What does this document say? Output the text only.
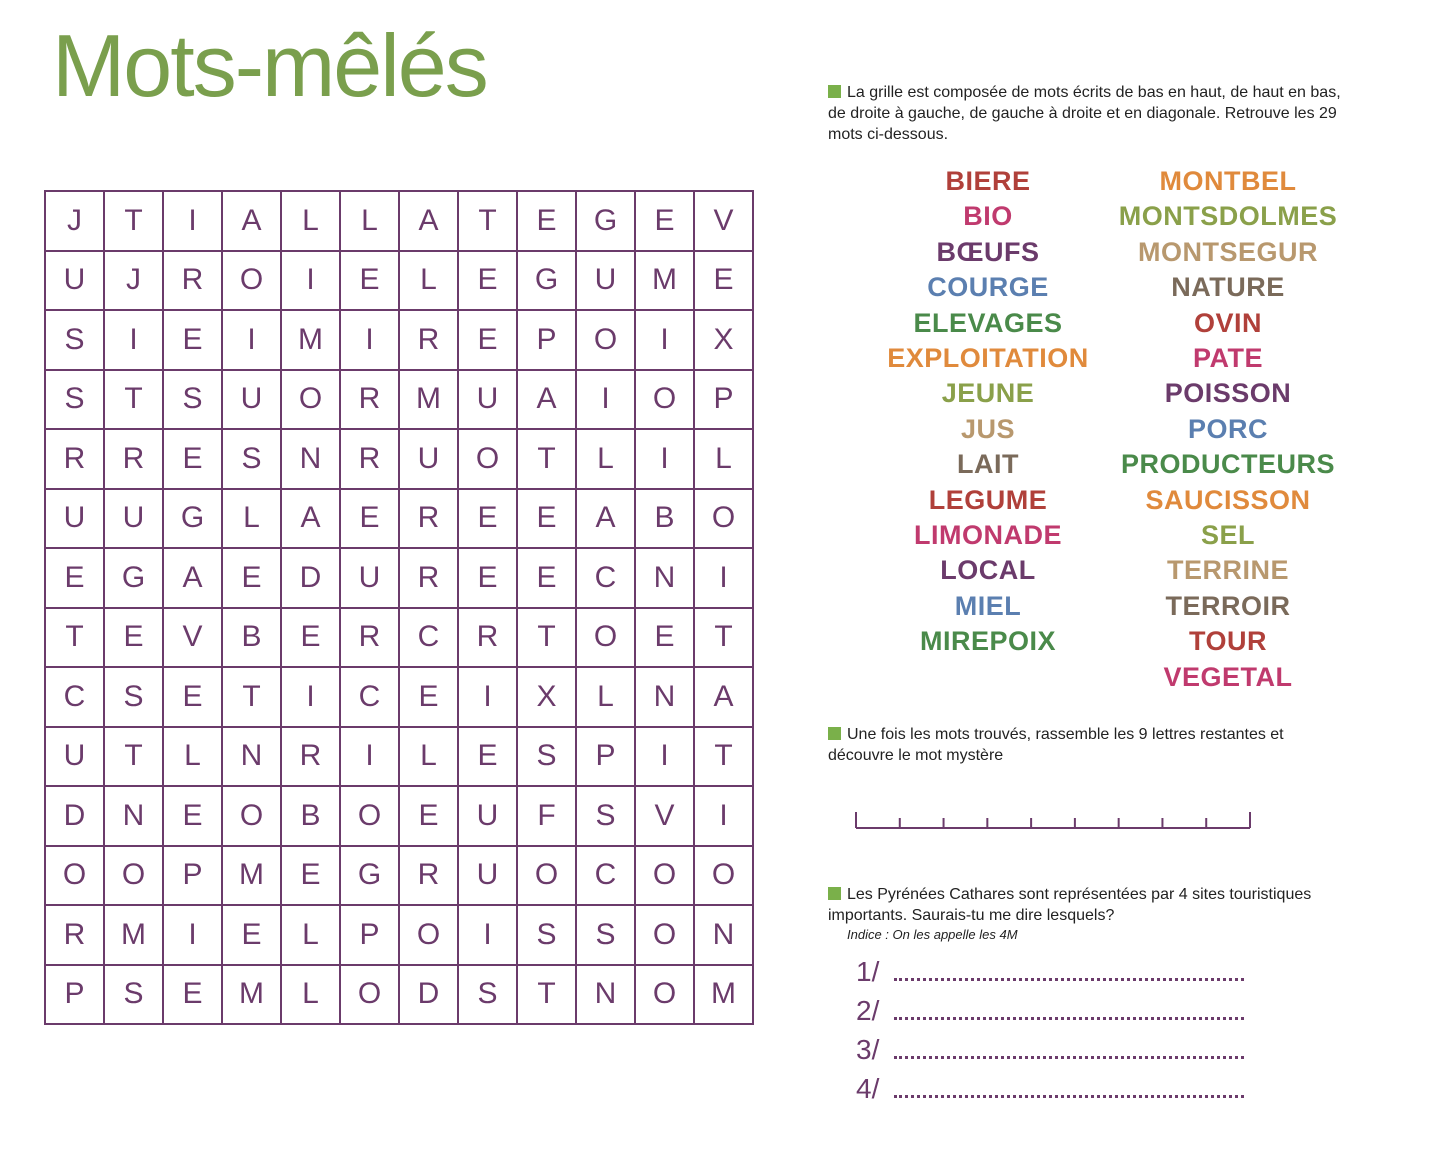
Mots-mêlés
J	T	I	A	L	L	A	T	E	G	E	V
U	J	R	O	I	E	L	E	G	U	M	E
S	I	E	I	M	I	R	E	P	O	I	X
S	T	S	U	O	R	M	U	A	I	O	P
R	R	E	S	N	R	U	O	T	L	I	L
U	U	G	L	A	E	R	E	E	A	B	O
E	G	A	E	D	U	R	E	E	C	N	I
T	E	V	B	E	R	C	R	T	O	E	T
C	S	E	T	I	C	E	I	X	L	N	A
U	T	L	N	R	I	L	E	S	P	I	T
D	N	E	O	B	O	E	U	F	S	V	I
O	O	P	M	E	G	R	U	O	C	O	O
R	M	I	E	L	P	O	I	S	S	O	N
P	S	E	M	L	O	D	S	T	N	O	M
La grille est composée de mots écrits de bas en haut, de haut en bas, de droite à gauche, de gauche à droite et en diagonale. Retrouve les 29 mots ci-dessous.
BIERE
BIO
BŒUFS
COURGE
ELEVAGES
EXPLOITATION
JEUNE
JUS
LAIT
LEGUME
LIMONADE
LOCAL
MIEL
MIREPOIX
MONTBEL
MONTSDOLMES
MONTSEGUR
NATURE
OVIN
PATE
POISSON
PORC
PRODUCTEURS
SAUCISSON
SEL
TERRINE
TERROIR
TOUR
VEGETAL
Une fois les mots trouvés, rassemble les 9 lettres restantes et découvre le mot mystère
Les Pyrénées Cathares sont représentées par 4 sites touristiques importants. Saurais-tu me dire lesquels?
Indice : On les appelle les 4M
1/
2/
3/
4/
